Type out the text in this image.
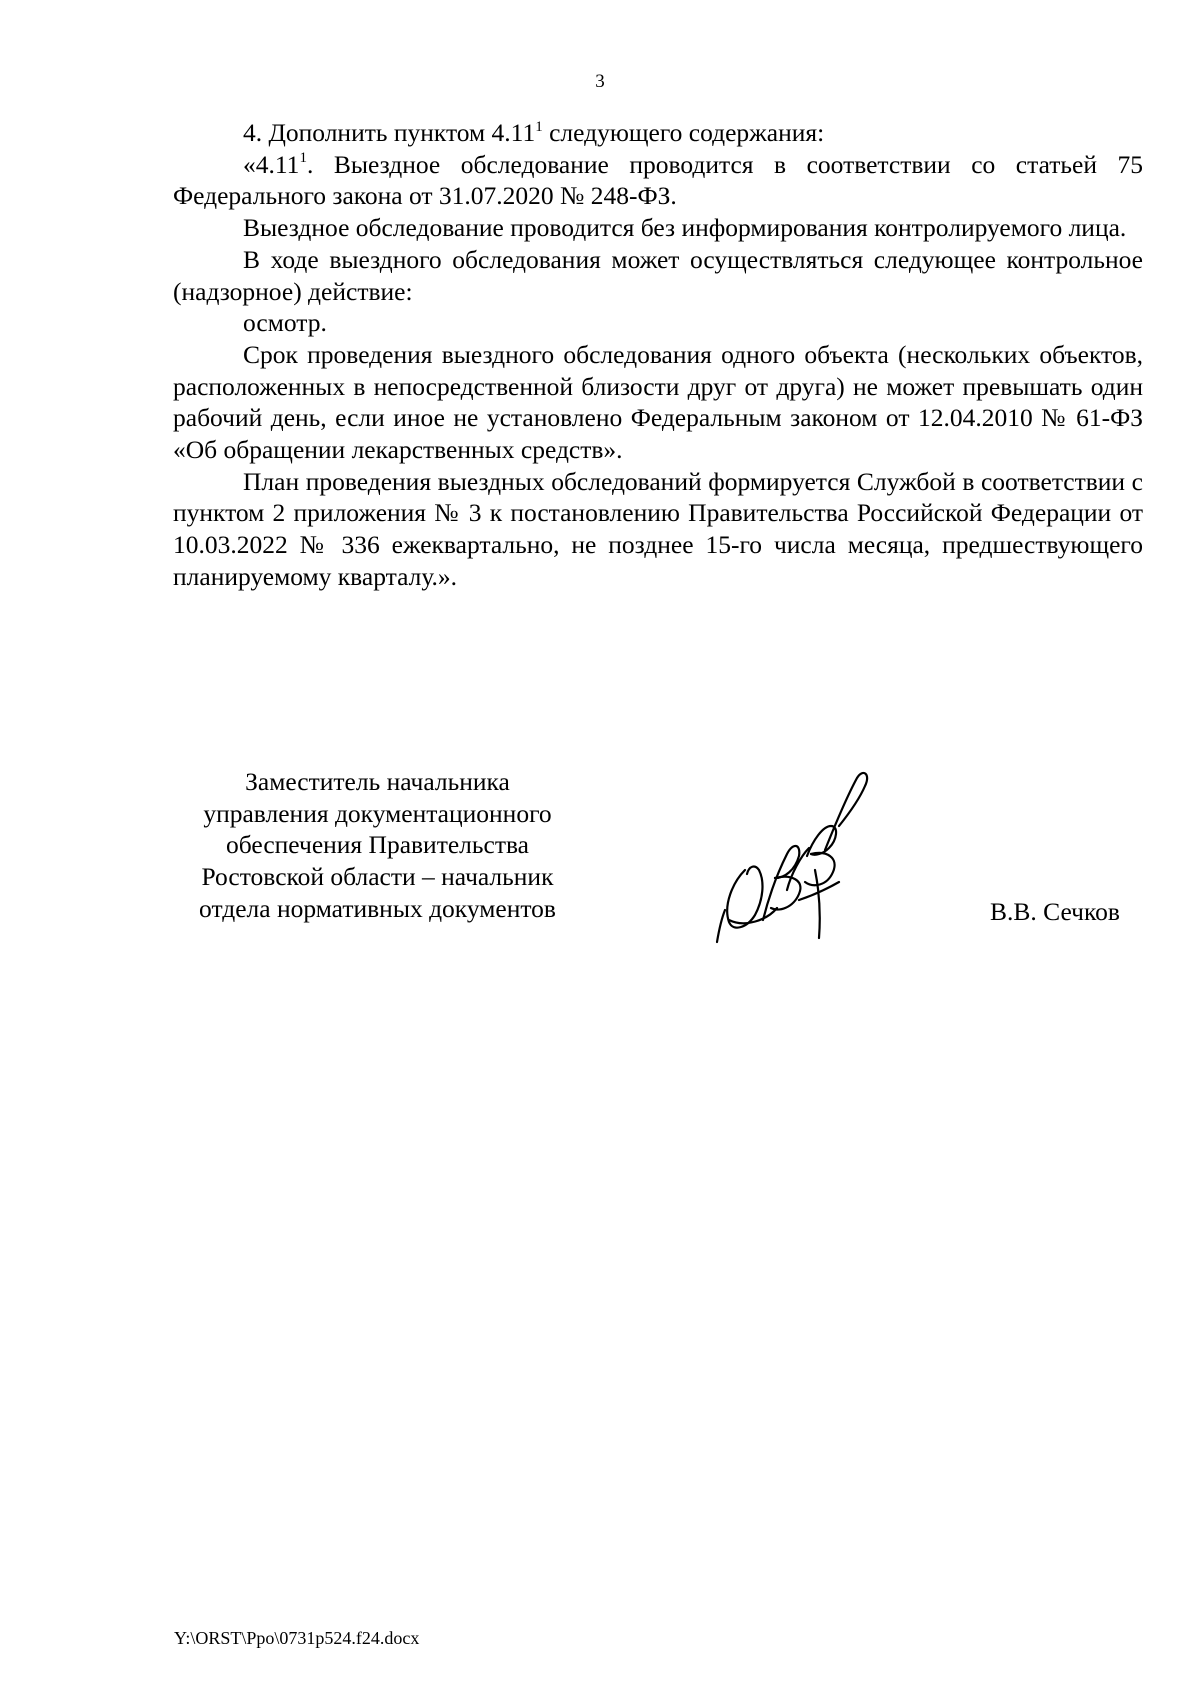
3

4. Дополнить пунктом 4.11$^1$ следующего содержания:

«4.11$^1$. Выездное обследование проводится в соответствии со статьей 75 Федерального закона от 31.07.2020 № 248-ФЗ.

Выездное обследование проводится без информирования контролируемого лица.

В ходе выездного обследования может осуществляться следующее контрольное (надзорное) действие:

осмотр.

Срок проведения выездного обследования одного объекта (нескольких объектов, расположенных в непосредственной близости друг от друга) не может превышать один рабочий день, если иное не установлено Федеральным законом от 12.04.2010 № 61-ФЗ «Об обращении лекарственных средств».

План проведения выездных обследований формируется Службой в соответствии с пунктом 2 приложения № 3 к постановлению Правительства Российской Федерации от 10.03.2022 № 336 ежеквартально, не позднее 15-го числа месяца, предшествующего планируемому кварталу.».

Заместитель начальника
управления документационного
обеспечения Правительства
Ростовской области – начальник
отдела нормативных документов	В.В. Сечков
Y:\ORST\Ppo\0731p524.f24.docx
